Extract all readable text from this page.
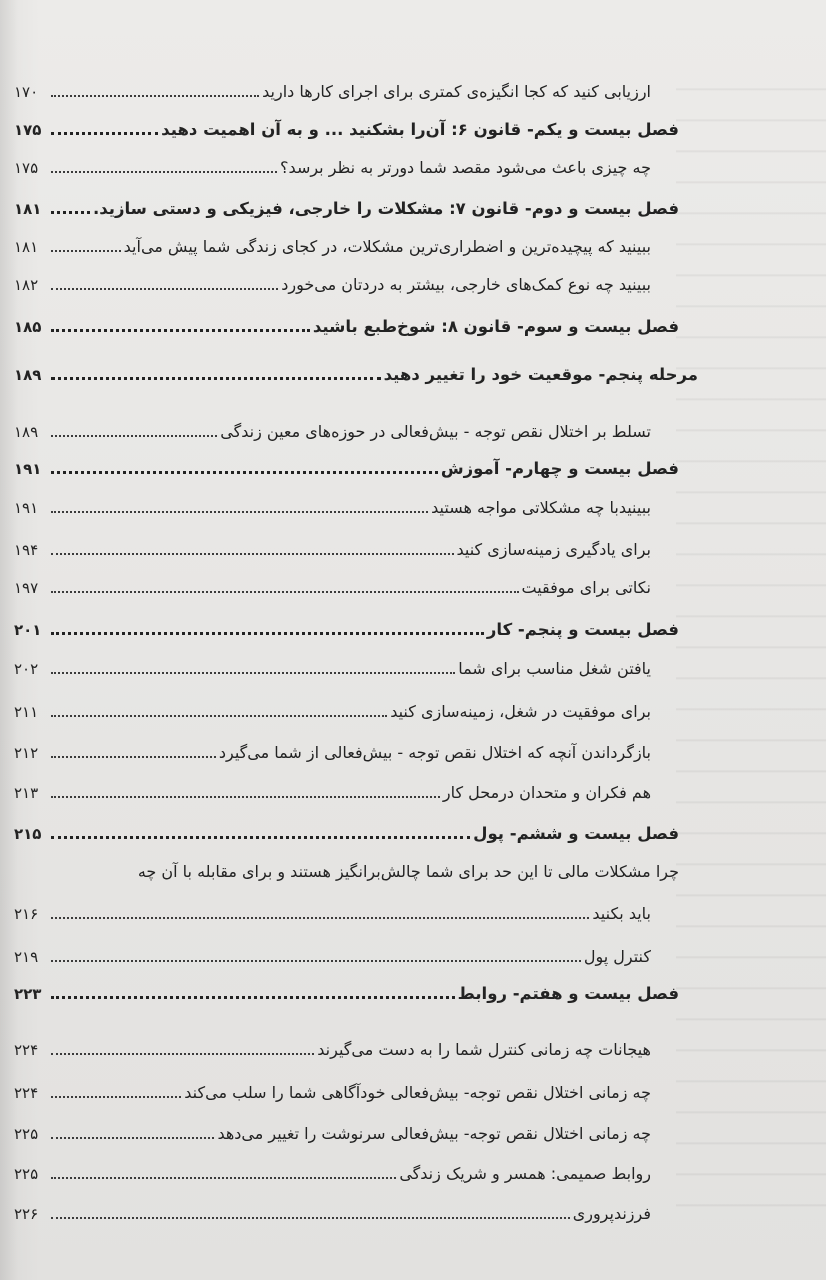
ارزیابی کنید که کجا انگیزه‌ی کمتری برای اجرای کارها دارید
۱۷۰
فصل بیست و یکم- قانون ۶: آن‌را بشکنید ... و به آن اهمیت دهید
۱۷۵
چه چیزی باعث می‌شود مقصد شما دورتر به نظر برسد؟
۱۷۵
فصل بیست و دوم- قانون ۷: مشکلات را خارجی، فیزیکی و دستی سازید.
۱۸۱
ببینید که پیچیده‌ترین و اضطراری‌ترین مشکلات، در کجای زندگی شما پیش می‌آید
۱۸۱
ببینید چه نوع کمک‌های خارجی، بیشتر به دردتان می‌خورد
۱۸۲
فصل بیست و سوم- قانون ۸: شوخ‌طبع باشید
۱۸۵
مرحله پنجم- موقعیت خود را تغییر دهید
۱۸۹
تسلط بر اختلال نقص توجه - بیش‌فعالی در حوزه‌های معین زندگی
۱۸۹
فصل بیست و چهارم- آموزش
۱۹۱
ببینیدبا چه مشکلاتی مواجه هستید
۱۹۱
برای یادگیری زمینه‌سازی کنید
۱۹۴
نکاتی برای موفقیت
۱۹۷
فصل بیست و پنجم- کار
۲۰۱
یافتن شغل مناسب برای شما
۲۰۲
برای موفقیت در شغل، زمینه‌سازی کنید
۲۱۱
بازگرداندن آنچه که اختلال نقص توجه - بیش‌فعالی از شما می‌گیرد
۲۱۲
هم فکران و متحدان درمحل کار
۲۱۳
فصل بیست و ششم- پول
۲۱۵
چرا مشکلات مالی تا این حد برای شما چالش‌برانگیز هستند و برای مقابله با آن چه
باید بکنید
۲۱۶
کنترل پول
۲۱۹
فصل بیست و هفتم- روابط
۲۲۳
هیجانات چه زمانی کنترل شما را به دست می‌گیرند
۲۲۴
چه زمانی اختلال نقص توجه- بیش‌فعالی خودآگاهی شما را سلب می‌کند
۲۲۴
چه زمانی اختلال نقص توجه- بیش‌فعالی سرنوشت را تغییر می‌دهد
۲۲۵
روابط صمیمی: همسر و شریک زندگی
۲۲۵
فرزندپروری
۲۲۶
